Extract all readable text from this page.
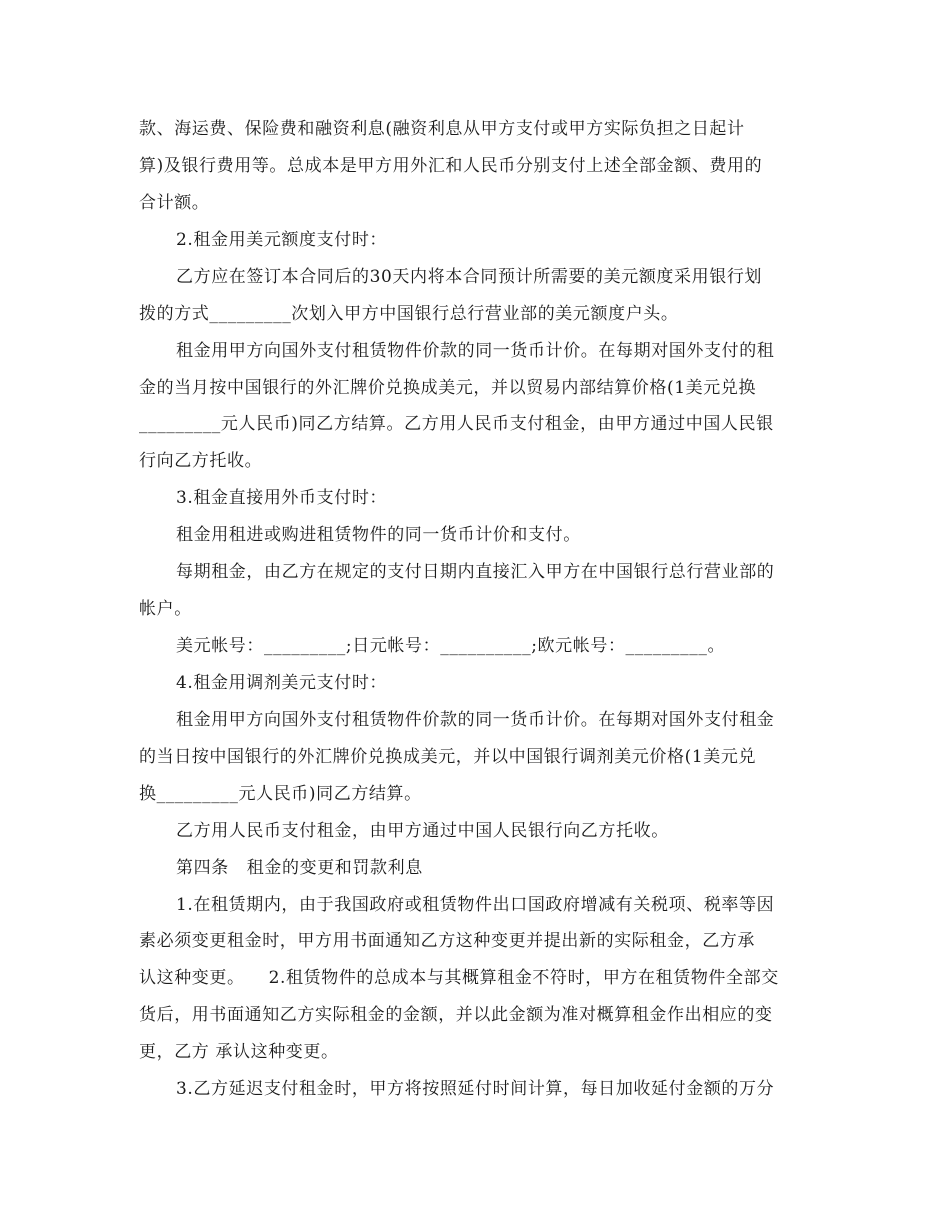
款、海运费、保险费和融资利息(融资利息从甲方支付或甲方实际负担之日起计
算)及银行费用等。总成本是甲方用外汇和人民币分别支付上述全部金额、费用的
合计额。
2.租金用美元额度支付时：
乙方应在签订本合同后的30天内将本合同预计所需要的美元额度采用银行划
拨的方式_________次划入甲方中国银行总行营业部的美元额度户头。
租金用甲方向国外支付租赁物件价款的同一货币计价。在每期对国外支付的租
金的当月按中国银行的外汇牌价兑换成美元，并以贸易内部结算价格(1美元兑换
_________元人民币)同乙方结算。乙方用人民币支付租金，由甲方通过中国人民银
行向乙方托收。
3.租金直接用外币支付时：
租金用租进或购进租赁物件的同一货币计价和支付。
每期租金，由乙方在规定的支付日期内直接汇入甲方在中国银行总行营业部的
帐户。
美元帐号：_________;日元帐号：__________;欧元帐号：_________。
4.租金用调剂美元支付时：
租金用甲方向国外支付租赁物件价款的同一货币计价。在每期对国外支付租金
的当日按中国银行的外汇牌价兑换成美元，并以中国银行调剂美元价格(1美元兑
换_________元人民币)同乙方结算。
乙方用人民币支付租金，由甲方通过中国人民银行向乙方托收。
第四条   租金的变更和罚款利息
1.在租赁期内，由于我国政府或租赁物件出口国政府增减有关税项、税率等因
素必须变更租金时，甲方用书面通知乙方这种变更并提出新的实际租金，乙方承
认这种变更。    2.租赁物件的总成本与其概算租金不符时，甲方在租赁物件全部交
货后，用书面通知乙方实际租金的金额，并以此金额为准对概算租金作出相应的变
更，乙方 承认这种变更。
3.乙方延迟支付租金时，甲方将按照延付时间计算，每日加收延付金额的万分
